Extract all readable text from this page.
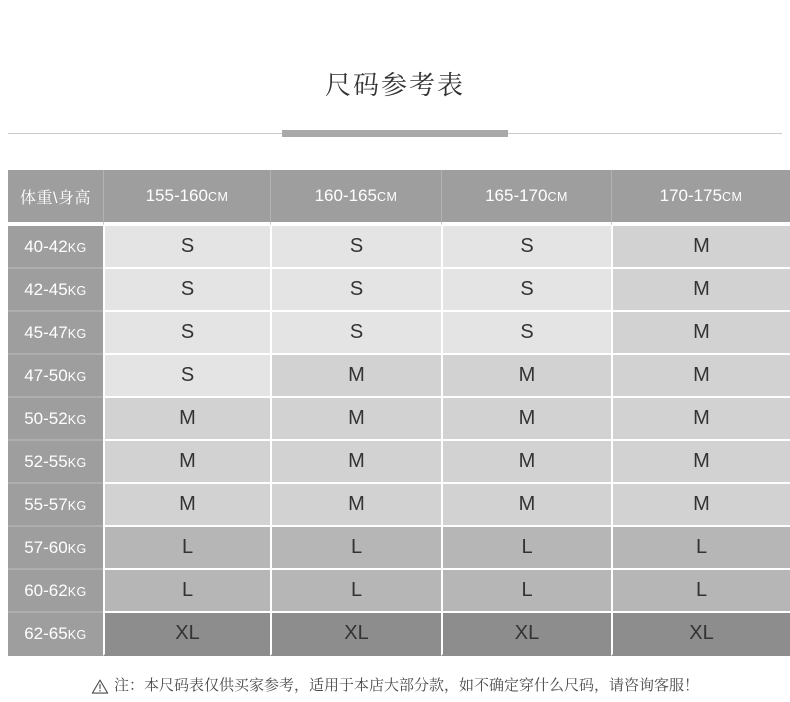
尺码参考表
体重\身高	155-160CM	160-165CM	165-170CM	170-175CM
40-42KG	S	S	S	M
42-45KG	S	S	S	M
45-47KG	S	S	S	M
47-50KG	S	M	M	M
50-52KG	M	M	M	M
52-55KG	M	M	M	M
55-57KG	M	M	M	M
57-60KG	L	L	L	L
60-62KG	L	L	L	L
62-65KG	XL	XL	XL	XL
注：本尺码表仅供买家参考，适用于本店大部分款，如不确定穿什么尺码，请咨询客服！
